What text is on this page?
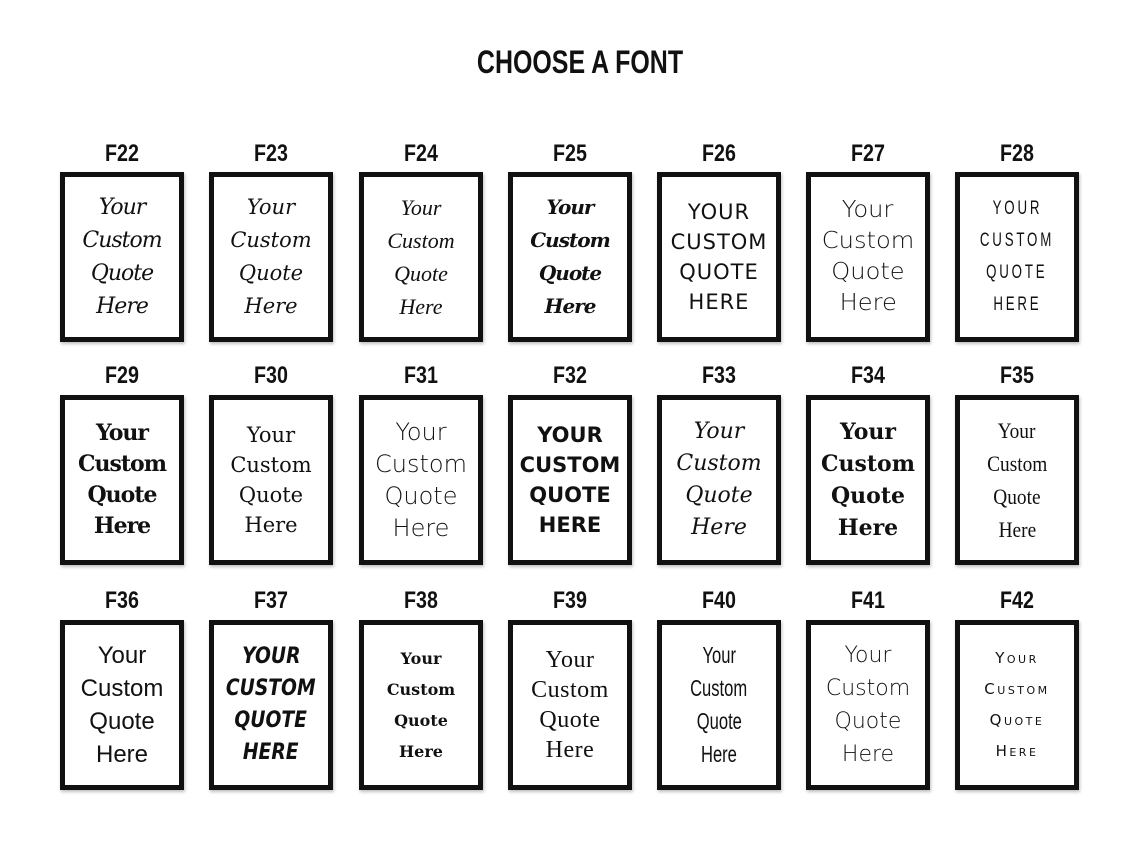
CHOOSE A FONT
F22
Your
Custom
Quote
Here
F23
Your
Custom
Quote
Here
F24
Your
Custom
Quote
Here
F25
Your
Custom
Quote
Here
F26
YOUR
CUSTOM
QUOTE
HERE
F27
Your
Custom
Quote
Here
F28
YOUR
CUSTOM
QUOTE
HERE
F29
Your
Custom
Quote
Here
F30
Your
Custom
Quote
Here
F31
Your
Custom
Quote
Here
F32
YOUR
CUSTOM
QUOTE
HERE
F33
Your
Custom
Quote
Here
F34
Your
Custom
Quote
Here
F35
Your
Custom
Quote
Here
F36
Your
Custom
Quote
Here
F37
YOUR
CUSTOM
QUOTE
HERE
F38
Your
Custom
Quote
Here
F39
Your
Custom
Quote
Here
F40
Your
Custom
Quote
Here
F41
Your
Custom
Quote
Here
F42
Your
Custom
Quote
Here
